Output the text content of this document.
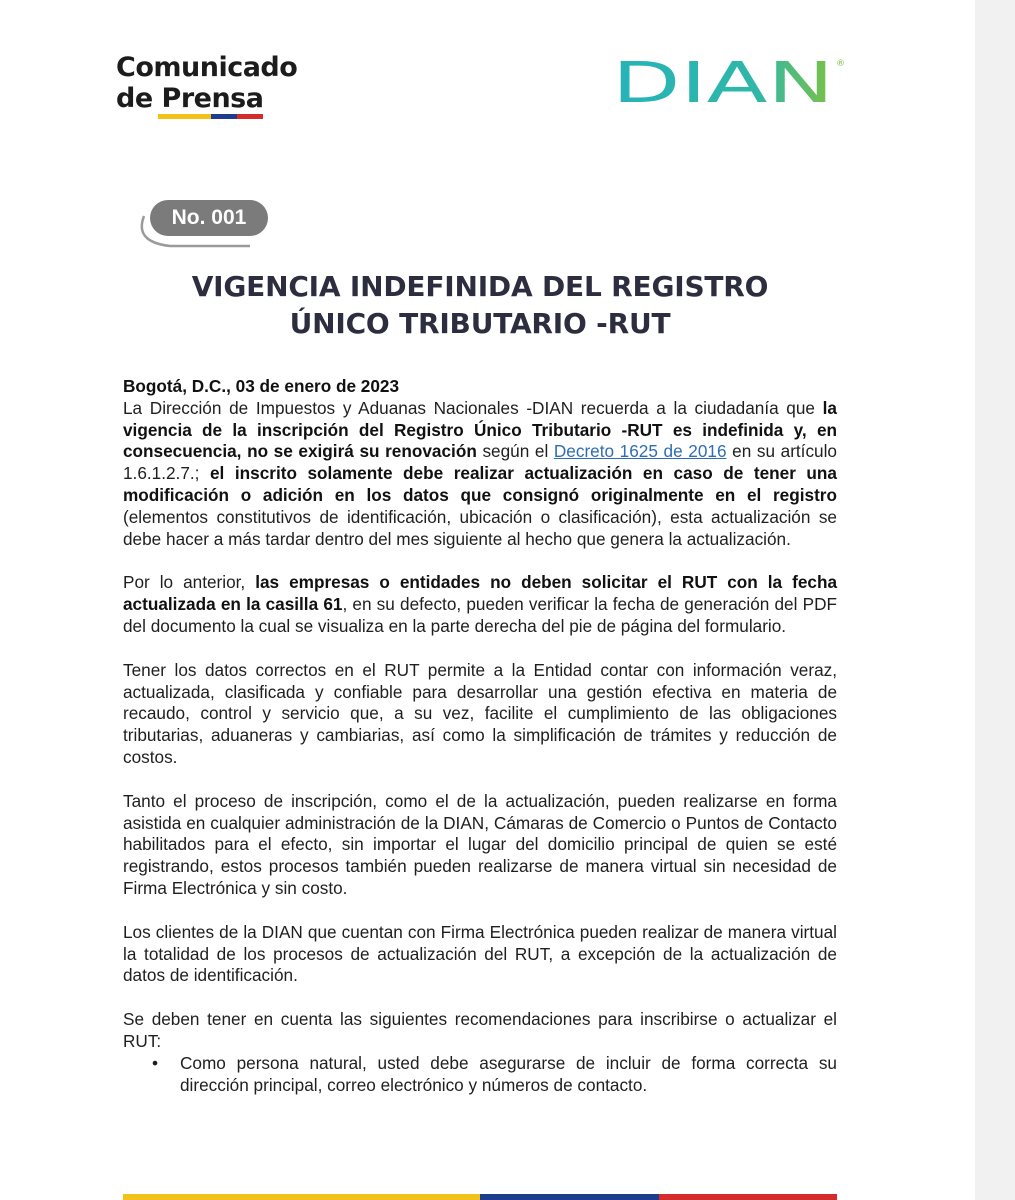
Comunicado
de Prensa	DIAN ®
No. 001
VIGENCIA INDEFINIDA DEL REGISTRO
ÚNICO TRIBUTARIO -RUT

Bogotá, D.C., 03 de enero de 2023

La Dirección de Impuestos y Aduanas Nacionales -DIAN recuerda a la ciudadanía que la vigencia de la inscripción del Registro Único Tributario -RUT es indefinida y, en consecuencia, no se exigirá su renovación según el Decreto 1625 de 2016 en su artículo 1.6.1.2.7.; el inscrito solamente debe realizar actualización en caso de tener una modificación o adición en los datos que consignó originalmente en el registro (elementos constitutivos de identificación, ubicación o clasificación), esta actualización se debe hacer a más tardar dentro del mes siguiente al hecho que genera la actualización.

Por lo anterior, las empresas o entidades no deben solicitar el RUT con la fecha actualizada en la casilla 61, en su defecto, pueden verificar la fecha de generación del PDF del documento la cual se visualiza en la parte derecha del pie de página del formulario.

Tener los datos correctos en el RUT permite a la Entidad contar con información veraz, actualizada, clasificada y confiable para desarrollar una gestión efectiva en materia de recaudo, control y servicio que, a su vez, facilite el cumplimiento de las obligaciones tributarias, aduaneras y cambiarias, así como la simplificación de trámites y reducción de costos.

Tanto el proceso de inscripción, como el de la actualización, pueden realizarse en forma asistida en cualquier administración de la DIAN, Cámaras de Comercio o Puntos de Contacto habilitados para el efecto, sin importar el lugar del domicilio principal de quien se esté registrando, estos procesos también pueden realizarse de manera virtual sin necesidad de Firma Electrónica y sin costo.

Los clientes de la DIAN que cuentan con Firma Electrónica pueden realizar de manera virtual la totalidad de los procesos de actualización del RUT, a excepción de la actualización de datos de identificación.

Se deben tener en cuenta las siguientes recomendaciones para inscribirse o actualizar el RUT:

• Como persona natural, usted debe asegurarse de incluir de forma correcta su dirección principal, correo electrónico y números de contacto.
